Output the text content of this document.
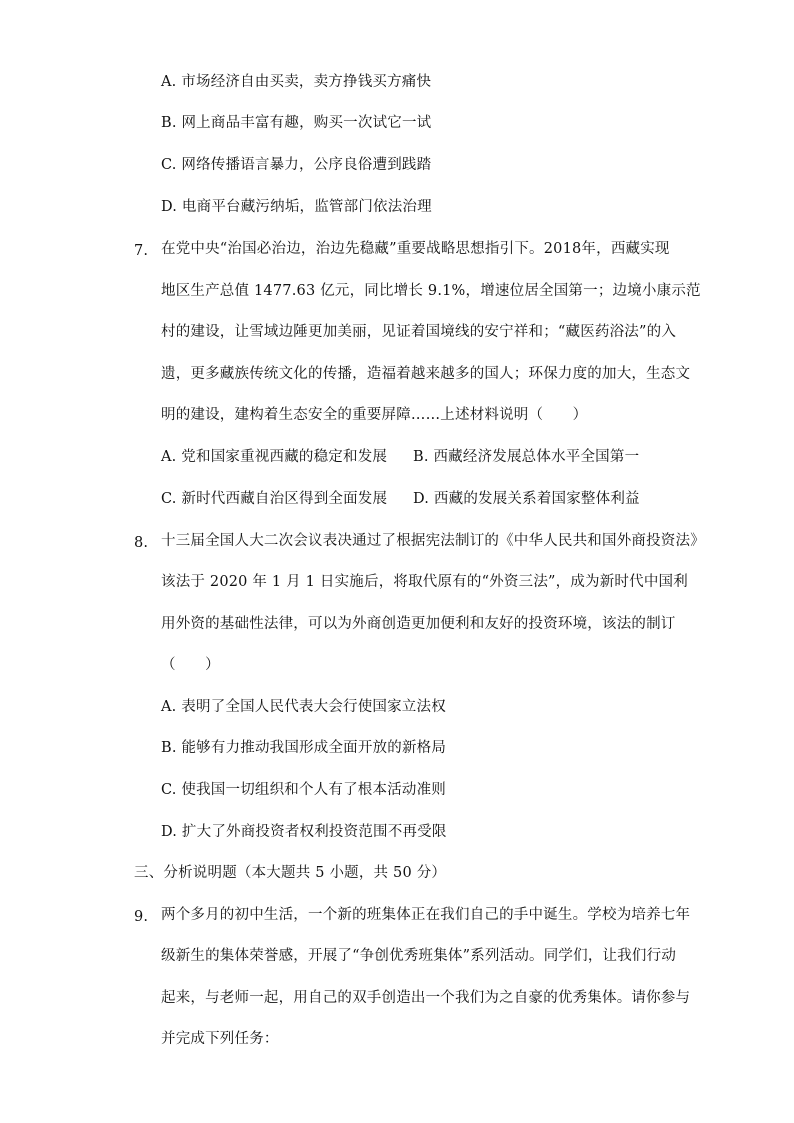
A. 市场经济自由买卖，卖方挣钱买方痛快
B. 网上商品丰富有趣，购买一次试它一试
C. 网络传播语言暴力，公序良俗遭到践踏
D. 电商平台藏污纳垢，监管部门依法治理
7. 在党中央“治国必治边，治边先稳藏”重要战略思想指引下。2018年，西藏实现
地区生产总值 1477.63 亿元，同比增长 9.1%，增速位居全国第一；边境小康示范
村的建设，让雪域边陲更加美丽，见证着国境线的安宁祥和；“藏医药浴法”的入
遗，更多藏族传统文化的传播，造福着越来越多的国人；环保力度的加大，生态文
明的建设，建构着生态安全的重要屏障……上述材料说明（　　）
A. 党和国家重视西藏的稳定和发展 B. 西藏经济发展总体水平全国第一
C. 新时代西藏自治区得到全面发展 D. 西藏的发展关系着国家整体利益
8. 十三届全国人大二次会议表决通过了根据宪法制订的《中华人民共和国外商投资法》
该法于 2020 年 1 月 1 日实施后，将取代原有的“外资三法”，成为新时代中国利
用外资的基础性法律，可以为外商创造更加便利和友好的投资环境，该法的制订
（　　）
A. 表明了全国人民代表大会行使国家立法权
B. 能够有力推动我国形成全面开放的新格局
C. 使我国一切组织和个人有了根本活动准则
D. 扩大了外商投资者权利投资范围不再受限
三、分析说明题（本大题共 5 小题，共 50 分）
9. 两个多月的初中生活，一个新的班集体正在我们自己的手中诞生。学校为培养七年
级新生的集体荣誉感，开展了“争创优秀班集体”系列活动。同学们，让我们行动
起来，与老师一起，用自己的双手创造出一个我们为之自豪的优秀集体。请你参与
并完成下列任务：
